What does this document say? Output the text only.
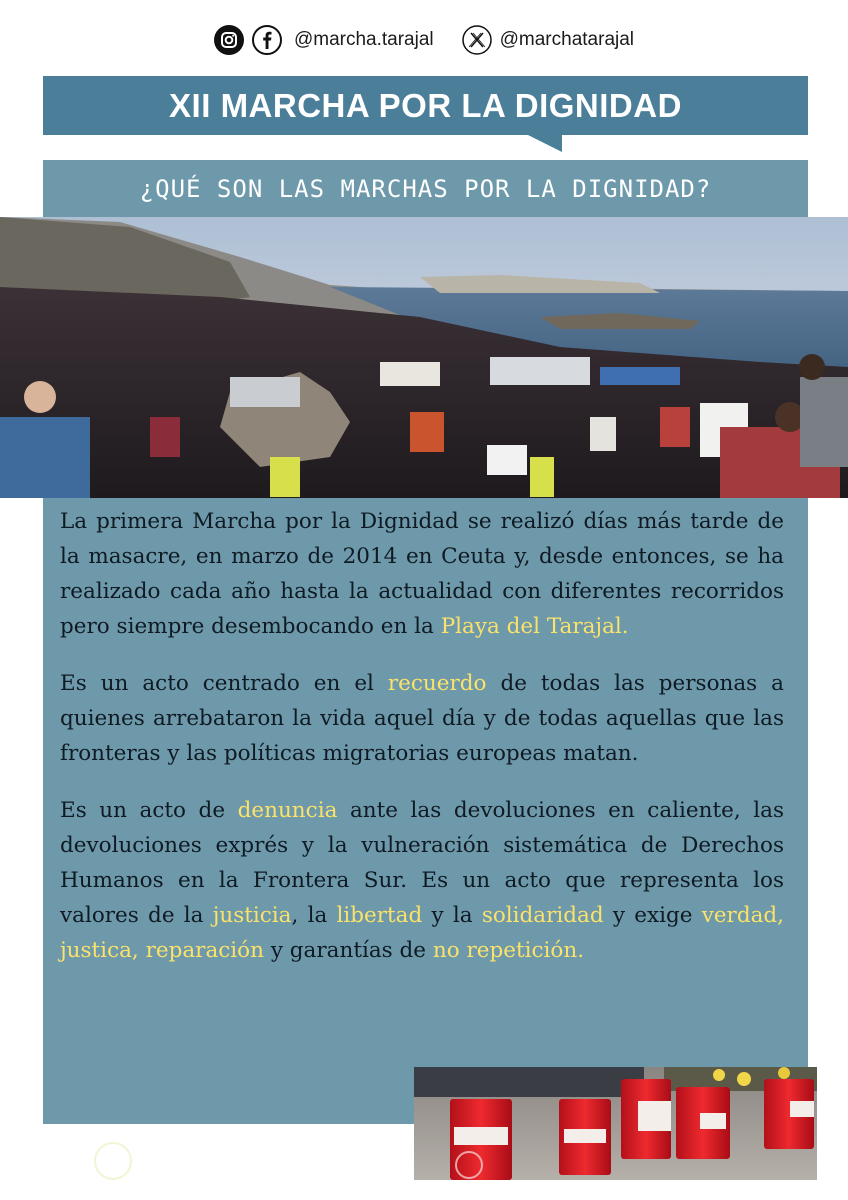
@marcha.tarajal	@marchatarajal
XII MARCHA POR LA DIGNIDAD
¿QUÉ SON LAS MARCHAS POR LA DIGNIDAD?

La primera Marcha por la Dignidad se realizó días más tarde de la masacre, en marzo de 2014 en Ceuta y, desde entonces, se ha realizado cada año hasta la actualidad con diferentes recorridos pero siempre desembocando en la Playa del Tarajal.

Es un acto centrado en el recuerdo de todas las personas a quienes arrebataron la vida aquel día y de todas aquellas que las fronteras y las políticas migratorias europeas matan.

Es un acto de denuncia ante las devoluciones en caliente, las devoluciones exprés y la vulneración sistemática de Derechos Humanos en la Frontera Sur. Es un acto que representa los valores de la justicia, la libertad y la solidaridad y exige verdad, justica, reparación y garantías de no repetición.
